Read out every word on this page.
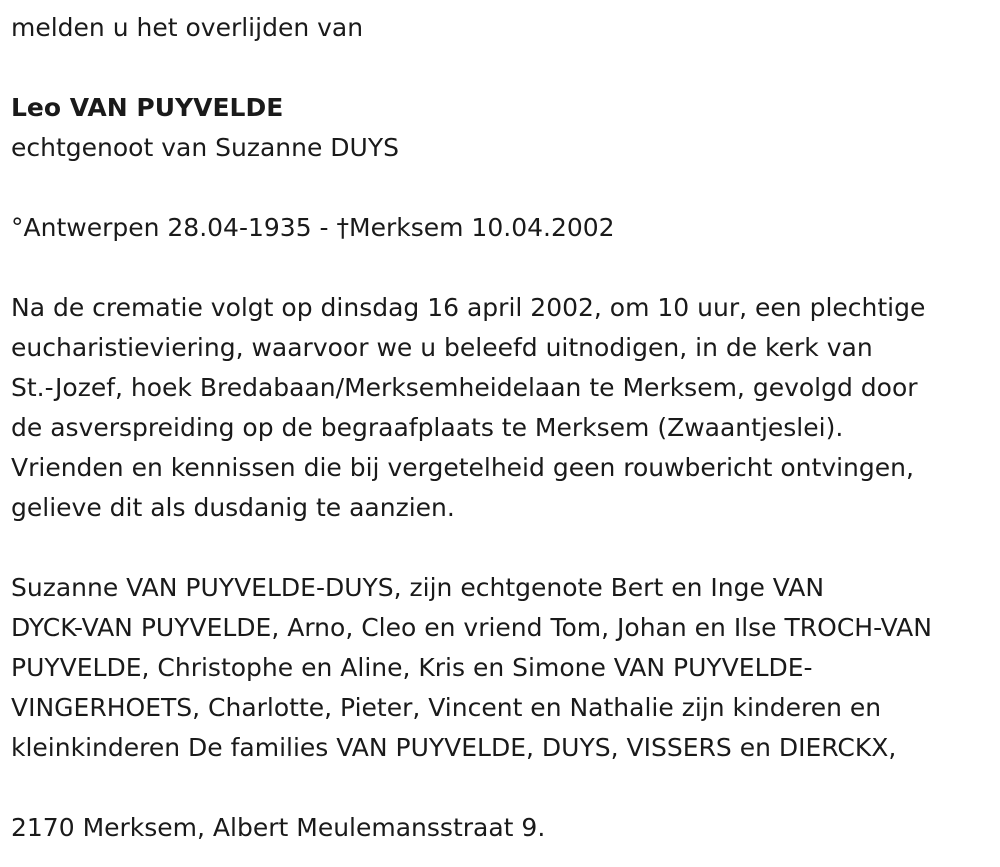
melden u het overlijden van
Leo VAN PUYVELDE
echtgenoot van Suzanne DUYS
°Antwerpen 28.04-1935 - †Merksem 10.04.2002
Na de crematie volgt op dinsdag 16 april 2002, om 10 uur, een plechtige
eucharistieviering, waarvoor we u beleefd uitnodigen, in de kerk van
St.-Jozef, hoek Bredabaan/Merksemheidelaan te Merksem, gevolgd door
de asverspreiding op de begraafplaats te Merksem (Zwaantjeslei).
Vrienden en kennissen die bij vergetelheid geen rouwbericht ontvingen,
gelieve dit als dusdanig te aanzien.
Suzanne VAN PUYVELDE-DUYS, zijn echtgenote Bert en Inge VAN
DYCK-VAN PUYVELDE, Arno, Cleo en vriend Tom, Johan en Ilse TROCH-VAN
PUYVELDE, Christophe en Aline, Kris en Simone VAN PUYVELDE-
VINGERHOETS, Charlotte, Pieter, Vincent en Nathalie zijn kinderen en
kleinkinderen De families VAN PUYVELDE, DUYS, VISSERS en DIERCKX,
2170 Merksem, Albert Meulemansstraat 9.
